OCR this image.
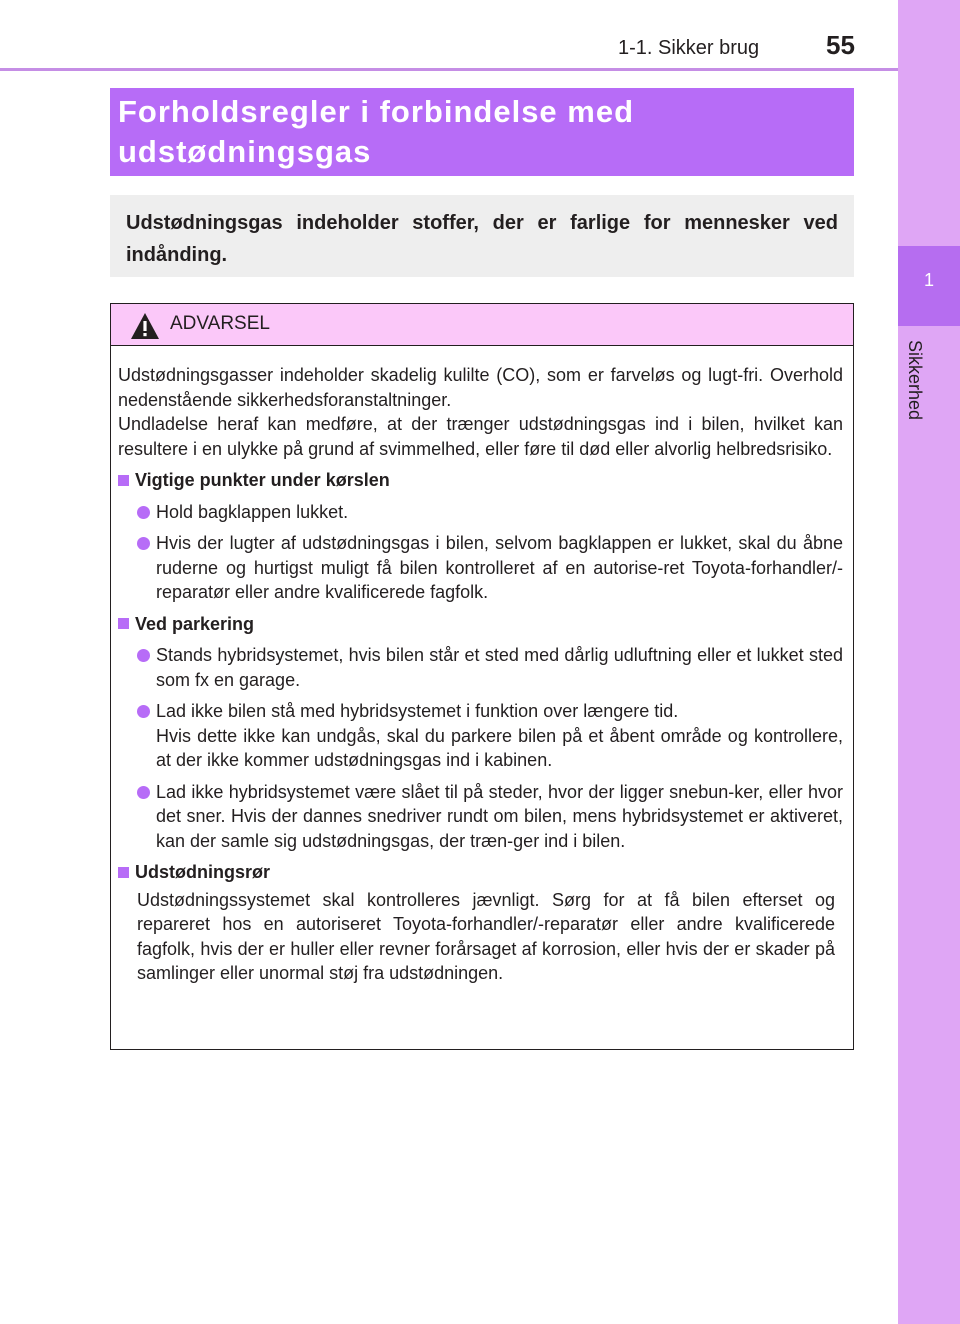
1-1. Sikker brug	55
1
Sikkerhed
Forholdsregler i forbindelse med
udstødningsgas

Udstødningsgas indeholder stoffer, der er farlige for mennesker ved indånding.

ADVARSEL

Udstødningsgasser indeholder skadelig kulilte (CO), som er farveløs og lugt-fri. Overhold nedenstående sikkerhedsforanstaltninger.

Undladelse heraf kan medføre, at der trænger udstødningsgas ind i bilen, hvilket kan resultere i en ulykke på grund af svimmelhed, eller føre til død eller alvorlig helbredsrisiko.

Vigtige punkter under kørslen

Hold bagklappen lukket.

Hvis der lugter af udstødningsgas i bilen, selvom bagklappen er lukket, skal du åbne ruderne og hurtigst muligt få bilen kontrolleret af en autorise-ret Toyota-forhandler/-reparatør eller andre kvalificerede fagfolk.

Ved parkering

Stands hybridsystemet, hvis bilen står et sted med dårlig udluftning eller et lukket sted som fx en garage.

Lad ikke bilen stå med hybridsystemet i funktion over længere tid.

Hvis dette ikke kan undgås, skal du parkere bilen på et åbent område og kontrollere, at der ikke kommer udstødningsgas ind i kabinen.

Lad ikke hybridsystemet være slået til på steder, hvor der ligger snebun-ker, eller hvor det sner. Hvis der dannes snedriver rundt om bilen, mens hybridsystemet er aktiveret, kan der samle sig udstødningsgas, der træn-ger ind i bilen.

Udstødningsrør

Udstødningssystemet skal kontrolleres jævnligt. Sørg for at få bilen efterset og repareret hos en autoriseret Toyota-forhandler/-reparatør eller andre kvalificerede fagfolk, hvis der er huller eller revner forårsaget af korrosion, eller hvis der er skader på samlinger eller unormal støj fra udstødningen.
